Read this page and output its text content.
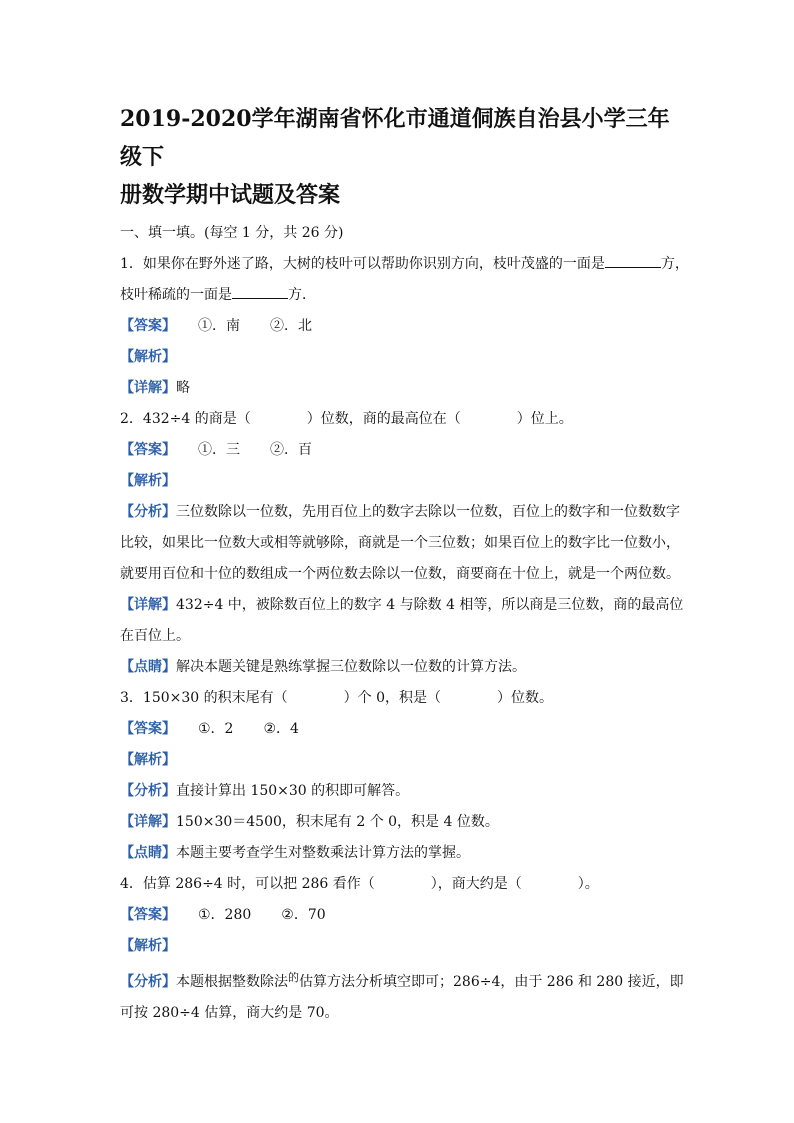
2019-2020学年湖南省怀化市通道侗族自治县小学三年级下
册数学期中试题及答案
一、填一填。(每空 1 分，共 26 分)
1．如果你在野外迷了路，大树的枝叶可以帮助你识别方向，枝叶茂盛的一面是	方，
枝叶稀疏的一面是	方．
【答案】 ①．南 ②．北
【解析】
【详解】略
2．432÷4 的商是（	）位数，商的最高位在（	）位上。
【答案】 ①．三 ②．百
【解析】
【分析】三位数除以一位数，先用百位上的数字去除以一位数，百位上的数字和一位数数字比较，如果比一位数大或相等就够除，商就是一个三位数；如果百位上的数字比一位数小，就要用百位和十位的数组成一个两位数去除以一位数，商要商在十位上，就是一个两位数。
【详解】432÷4 中，被除数百位上的数字 4 与除数 4 相等，所以商是三位数，商的最高位在百位上。
【点睛】解决本题关键是熟练掌握三位数除以一位数的计算方法。
3．150×30 的积末尾有（	）个 0，积是（	）位数。
【答案】 ①．2 ②．4
【解析】
【分析】直接计算出 150×30 的积即可解答。
【详解】150×30＝4500，积末尾有 2 个 0，积是 4 位数。
【点睛】本题主要考查学生对整数乘法计算方法的掌握。
4．估算 286÷4 时，可以把 286 看作（	），商大约是（	）。
【答案】 ①．280 ②．70
【解析】
【分析】本题根据整数除法$^的$估算方法分析填空即可；286÷4，由于 286 和 280 接近，即可按 280÷4 估算，商大约是 70。
